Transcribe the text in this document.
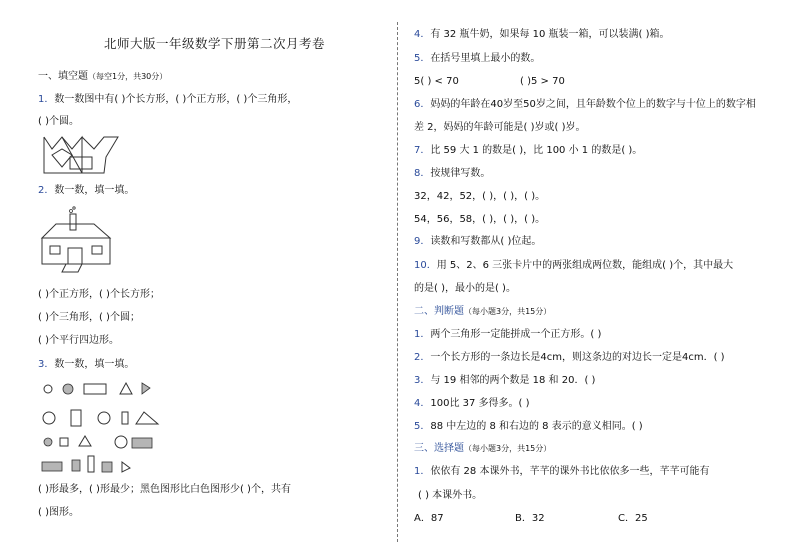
北师大版一年级数学下册第二次月考卷
一、填空题（每空1分，共30分）
1．数一数图中有( )个长方形，( )个正方形，( )个三角形，
( )个圆。
2．数一数，填一填。
( )个正方形，( )个长方形；
( )个三角形，( )个圆；
( )个平行四边形。
3．数一数，填一填。
( )形最多，( )形最少；黑色图形比白色图形少( )个，共有
( )图形。
4．有 32 瓶牛奶，如果每 10 瓶装一箱，可以装满( )箱。
5．在括号里填上最小的数。
5( ) < 70	( )5 > 70
6．妈妈的年龄在40岁至50岁之间，且年龄数个位上的数字与十位上的数字相
差 2，妈妈的年龄可能是( )岁或( )岁。
7．比 59 大 1 的数是( )，比 100 小 1 的数是( )。
8．按规律写数。
32，42，52，( )，( )，( )。
54，56，58，( )，( )，( )。
9．读数和写数都从( )位起。
10．用 5、2、6 三张卡片中的两张组成两位数，能组成( )个，其中最大
的是( )，最小的是( )。
二、判断题（每小题3分，共15分）
1．两个三角形一定能拼成一个正方形。( )
2．一个长方形的一条边长是4cm，则这条边的对边长一定是4cm．( )
3．与 19 相邻的两个数是 18 和 20．( )
4．100比 37 多得多。( )
5．88 中左边的 8 和右边的 8 表示的意义相同。( )
三、选择题（每小题3分，共15分）
1．依依有 28 本课外书，芊芊的课外书比依依多一些，芊芊可能有
( ) 本课外书。
A．87	B．32	C．25
